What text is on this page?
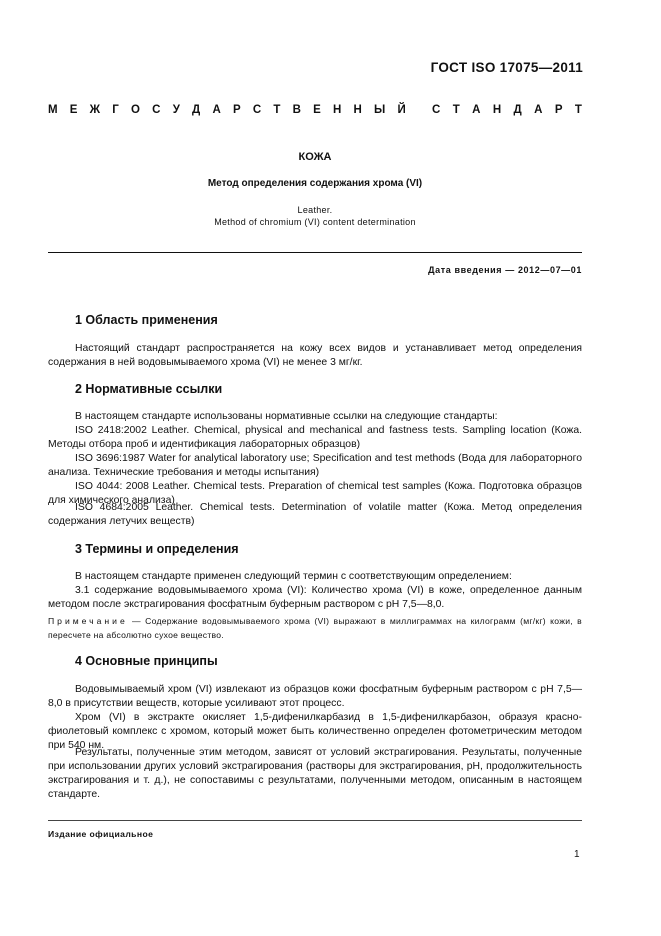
ГОСТ ISO 17075—2011
М Е Ж Г О С У Д А Р С Т В Е Н Н Ы Й С Т А Н Д А Р Т
КОЖА
Метод определения содержания хрома (VI)
Leather.
Method of chromium (VI) content determination
Дата введения — 2012—07—01
1 Область применения
Настоящий стандарт распространяется на кожу всех видов и устанавливает метод определения содержания в ней водовымываемого хрома (VI) не менее 3 мг/кг.
2 Нормативные ссылки
В настоящем стандарте использованы нормативные ссылки на следующие стандарты:
ISO 2418:2002 Leather. Chemical, physical and mechanical and fastness tests. Sampling location (Кожа. Методы отбора проб и идентификация лабораторных образцов)
ISO 3696:1987 Water for analytical laboratory use; Specification and test methods (Вода для лабораторного анализа. Технические требования и методы испытания)
ISO 4044: 2008 Leather. Chemical tests. Preparation of chemical test samples (Кожа. Подготовка образцов для химического анализа)
ISO 4684:2005 Leather. Chemical tests. Determination of volatile matter (Кожа. Метод определения содержания летучих веществ)
3 Термины и определения
В настоящем стандарте применен следующий термин с соответствующим определением:
3.1 содержание водовымываемого хрома (VI): Количество хрома (VI) в коже, определенное данным методом после экстрагирования фосфатным буферным раствором с pH 7,5—8,0.
Примечание — Содержание водовымываемого хрома (VI) выражают в миллиграммах на килограмм (мг/кг) кожи, в пересчете на абсолютно сухое вещество.
4 Основные принципы
Водовымываемый хром (VI) извлекают из образцов кожи фосфатным буферным раствором с pH 7,5—8,0 в присутствии веществ, которые усиливают этот процесс.
Хром (VI) в экстракте окисляет 1,5-дифенилкарбазид в 1,5-дифенилкарбазон, образуя красно-фиолетовый комплекс с хромом, который может быть количественно определен фотометрическим методом при 540 нм.
Результаты, полученные этим методом, зависят от условий экстрагирования. Результаты, полученные при использовании других условий экстрагирования (растворы для экстрагирования, pH, продолжительность экстрагирования и т. д.), не сопоставимы с результатами, полученными методом, описанным в настоящем стандарте.
Издание официальное
1
